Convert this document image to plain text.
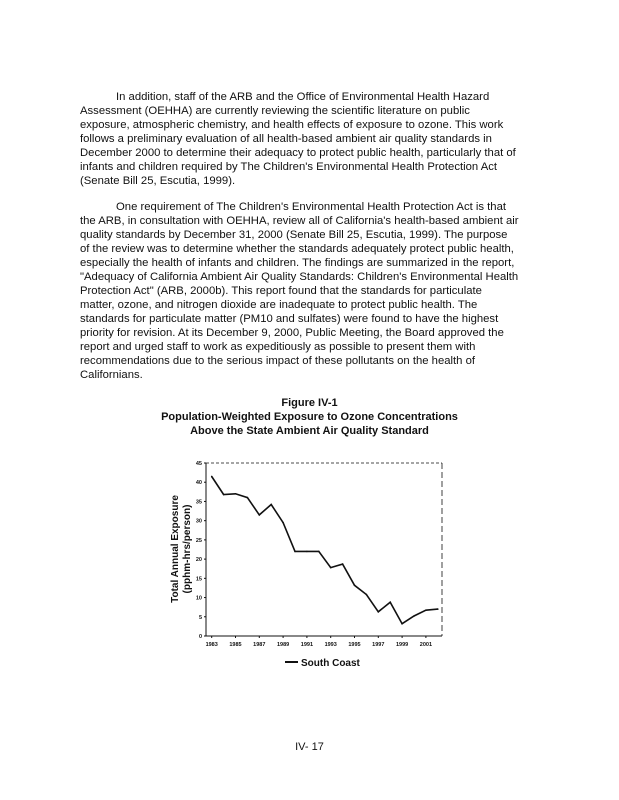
In addition, staff of the ARB and the Office of Environmental Health Hazard
Assessment (OEHHA) are currently reviewing the scientific literature on public
exposure, atmospheric chemistry, and health effects of exposure to ozone. This work
follows a preliminary evaluation of all health-based ambient air quality standards in
December 2000 to determine their adequacy to protect public health, particularly that of
infants and children required by The Children's Environmental Health Protection Act
(Senate Bill 25, Escutia, 1999).
One requirement of The Children's Environmental Health Protection Act is that
the ARB, in consultation with OEHHA, review all of California's health-based ambient air
quality standards by December 31, 2000 (Senate Bill 25, Escutia, 1999). The purpose
of the review was to determine whether the standards adequately protect public health,
especially the health of infants and children. The findings are summarized in the report,
"Adequacy of California Ambient Air Quality Standards: Children's Environmental Health
Protection Act" (ARB, 2000b). This report found that the standards for particulate
matter, ozone, and nitrogen dioxide are inadequate to protect public health. The
standards for particulate matter (PM10 and sulfates) were found to have the highest
priority for revision. At its December 9, 2000, Public Meeting, the Board approved the
report and urged staff to work as expeditiously as possible to present them with
recommendations due to the serious impact of these pollutants on the health of
Californians.
Figure IV-1
Population-Weighted Exposure to Ozone Concentrations
Above the State Ambient Air Quality Standard
0
5
10
15
20
25
30
35
40
45
1983 1985 1987 1989 1991 1993 1995 1997 1999 2001
Total Annual Exposure (pphm-hrs/person)
South Coast
IV- 17
